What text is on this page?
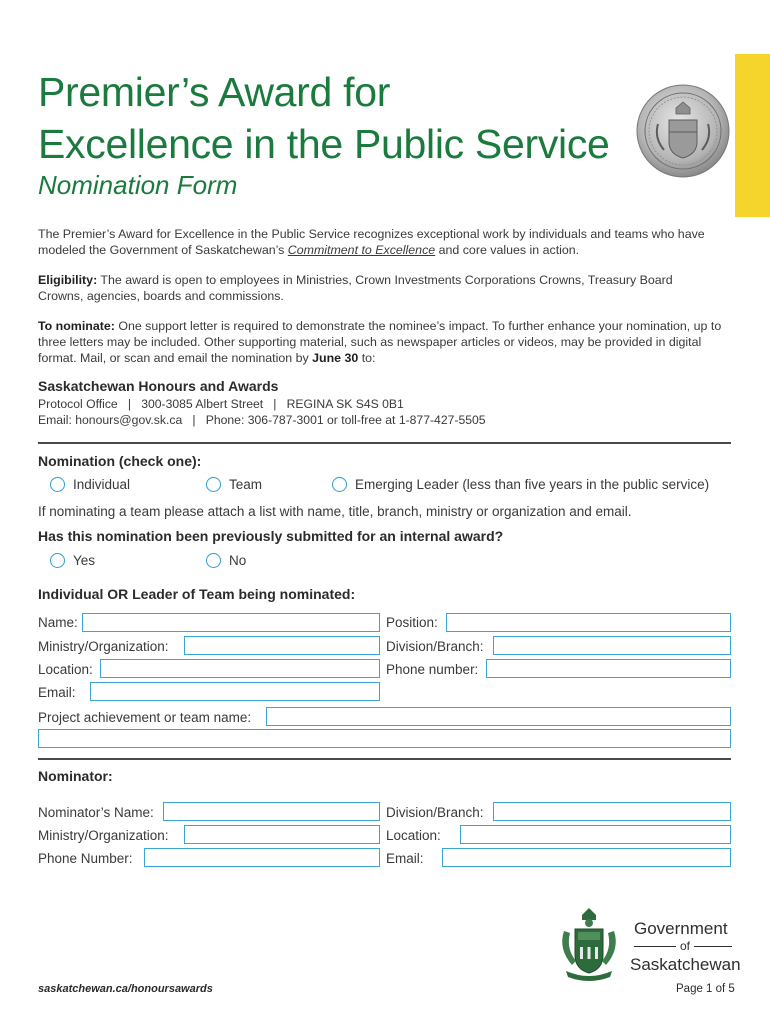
Premier’s Award for
Excellence in the Public Service
Nomination Form
The Premier’s Award for Excellence in the Public Service recognizes exceptional work by individuals and teams who have modeled the Government of Saskatchewan’s Commitment to Excellence and core values in action.
Eligibility: The award is open to employees in Ministries, Crown Investments Corporations Crowns, Treasury Board Crowns, agencies, boards and commissions.
To nominate: One support letter is required to demonstrate the nominee’s impact. To further enhance your nomination, up to three letters may be included. Other supporting material, such as newspaper articles or videos, may be provided in digital format. Mail, or scan and email the nomination by June 30 to:
Saskatchewan Honours and Awards
Protocol Office   |   300-3085 Albert Street   |   REGINA SK S4S 0B1
Email: honours@gov.sk.ca   |   Phone: 306-787-3001 or toll-free at 1-877-427-5505
Nomination (check one):
Individual	Team	Emerging Leader (less than five years in the public service)
If nominating a team please attach a list with name, title, branch, ministry or organization and email.
Has this nomination been previously submitted for an internal award?
Yes	No
Individual OR Leader of Team being nominated:
Name:	Position:
Ministry/Organization:	Division/Branch:
Location:	Phone number:
Email:
Project achievement or team name:
Nominator:
Nominator’s Name:	Division/Branch:
Ministry/Organization:	Location:
Phone Number:	Email:
Government
of
Saskatchewan
saskatchewan.ca/honoursawards	Page 1 of 5
